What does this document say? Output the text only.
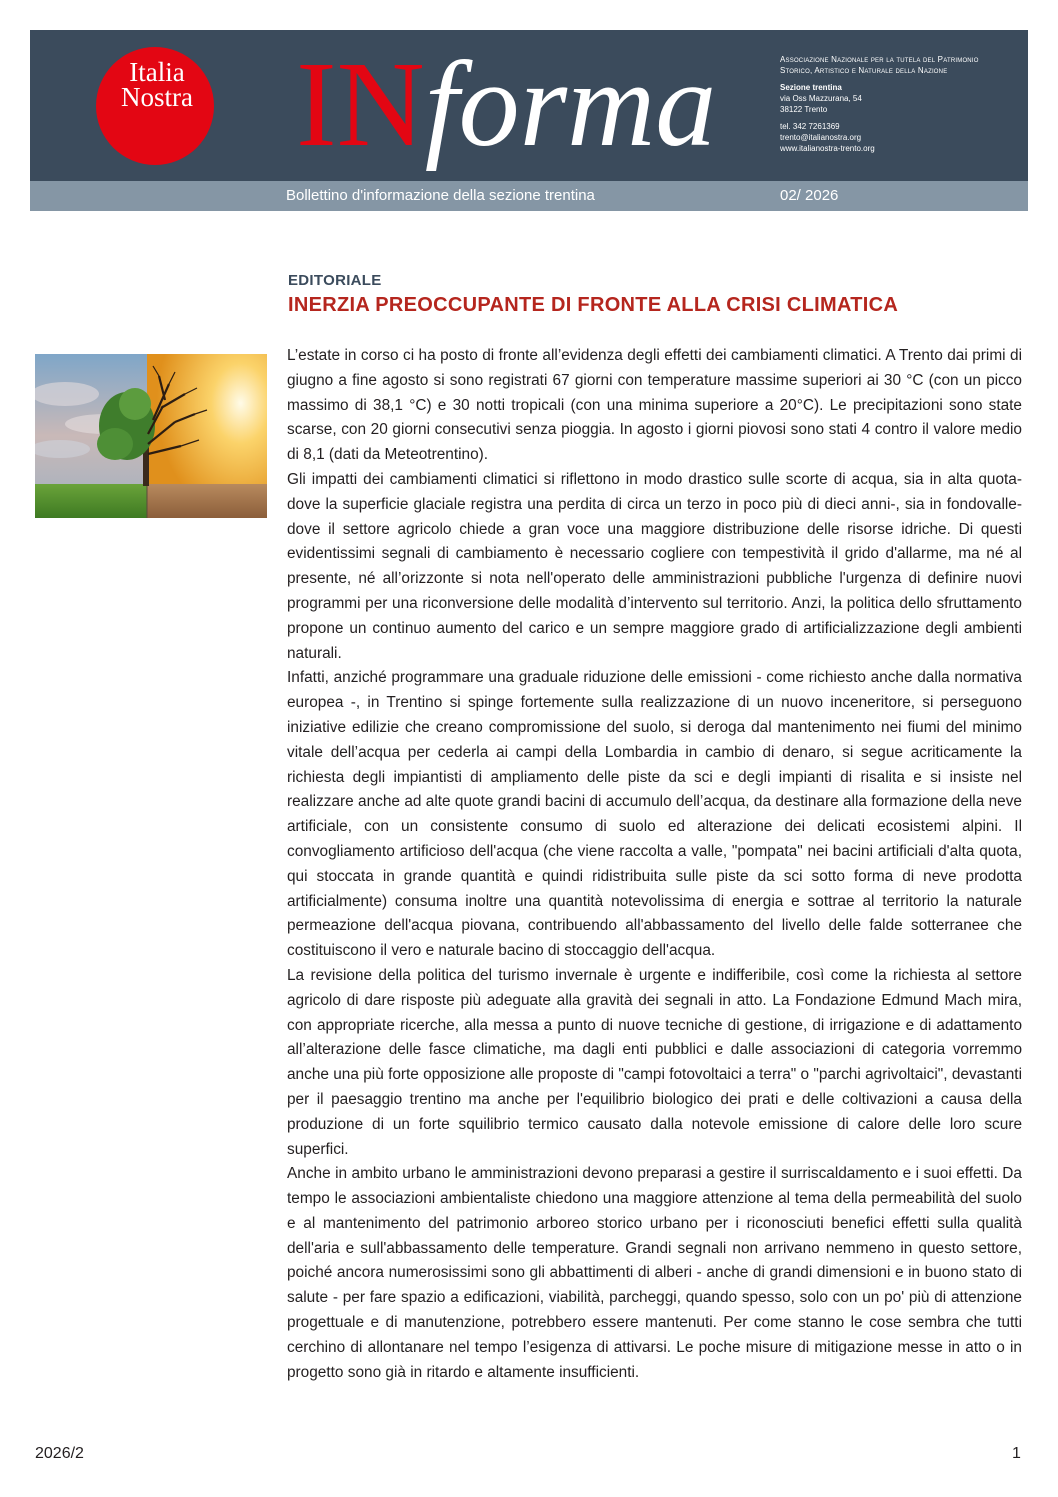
Italia
Nostra INforma	Associazione Nazionale per la tutela del Patrimonio
Storico, Artistico e Naturale della Nazione
Sezione trentina
via Oss Mazzurana, 54
38122 Trento
tel. 342 7261369
trento@italianostra.org
www.italianostra-trento.org
Bollettino d'informazione della sezione trentina	02/ 2026
EDITORIALE
INERZIA PREOCCUPANTE DI FRONTE ALLA CRISI CLIMATICA

L’estate in corso ci ha posto di fronte all’evidenza degli effetti dei cambiamenti climatici. A Trento dai primi di giugno a fine agosto si sono registrati 67 giorni con temperature massime superiori ai 30 °C (con un picco massimo di 38,1 °C) e 30 notti tropicali (con una minima superiore a 20°C). Le precipitazioni sono state scarse, con 20 giorni consecutivi senza pioggia. In agosto i giorni piovosi sono stati 4 contro il valore medio di 8,1 (dati da Meteotrentino).

Gli impatti dei cambiamenti climatici si riflettono in modo drastico sulle scorte di acqua, sia in alta quota- dove la superficie glaciale registra una perdita di circa un terzo in poco più di dieci anni-, sia in fondovalle- dove il settore agricolo chiede a gran voce una maggiore distribuzione delle risorse idriche. Di questi evidentissimi segnali di cambiamento è necessario cogliere con tempestività il grido d'allarme, ma né al presente, né all’orizzonte si nota nell'operato delle amministrazioni pubbliche l'urgenza di definire nuovi programmi per una riconversione delle modalità d’intervento sul territorio. Anzi, la politica dello sfruttamento propone un continuo aumento del carico e un sempre maggiore grado di artificializzazione degli ambienti naturali.

Infatti, anziché programmare una graduale riduzione delle emissioni - come richiesto anche dalla normativa europea -, in Trentino si spinge fortemente sulla realizzazione di un nuovo inceneritore, si perseguono iniziative edilizie che creano compromissione del suolo, si deroga dal mantenimento nei fiumi del minimo vitale dell’acqua per cederla ai campi della Lombardia in cambio di denaro, si segue acriticamente la richiesta degli impiantisti di ampliamento delle piste da sci e degli impianti di risalita e si insiste nel realizzare anche ad alte quote grandi bacini di accumulo dell’acqua, da destinare alla formazione della neve artificiale, con un consistente consumo di suolo ed alterazione dei delicati ecosistemi alpini. Il convogliamento artificioso dell'acqua (che viene raccolta a valle, "pompata" nei bacini artificiali d'alta quota, qui stoccata in grande quantità e quindi ridistribuita sulle piste da sci sotto forma di neve prodotta artificialmente) consuma inoltre una quantità notevolissima di energia e sottrae al territorio la naturale permeazione dell'acqua piovana, contribuendo all'abbassamento del livello delle falde sotterranee che costituiscono il vero e naturale bacino di stoccaggio dell'acqua.

La revisione della politica del turismo invernale è urgente e indifferibile, così come la richiesta al settore agricolo di dare risposte più adeguate alla gravità dei segnali in atto. La Fondazione Edmund Mach mira, con appropriate ricerche, alla messa a punto di nuove tecniche di gestione, di irrigazione e di adattamento all’alterazione delle fasce climatiche, ma dagli enti pubblici e dalle associazioni di categoria vorremmo anche una più forte opposizione alle proposte di "campi fotovoltaici a terra" o "parchi agrivoltaici", devastanti per il paesaggio trentino ma anche per l'equilibrio biologico dei prati e delle coltivazioni a causa della produzione di un forte squilibrio termico causato dalla notevole emissione di calore delle loro scure superfici.

Anche in ambito urbano le amministrazioni devono preparasi a gestire il surriscaldamento e i suoi effetti. Da tempo le associazioni ambientaliste chiedono una maggiore attenzione al tema della permeabilità del suolo e al mantenimento del patrimonio arboreo storico urbano per i riconosciuti benefici effetti sulla qualità dell'aria e sull'abbassamento delle temperature. Grandi segnali non arrivano nemmeno in questo settore, poiché ancora numerosissimi sono gli abbattimenti di alberi - anche di grandi dimensioni e in buono stato di salute - per fare spazio a edificazioni, viabilità, parcheggi, quando spesso, solo con un po' più di attenzione progettuale e di manutenzione, potrebbero essere mantenuti. Per come stanno le cose sembra che tutti cerchino di allontanare nel tempo l’esigenza di attivarsi. Le poche misure di mitigazione messe in atto o in progetto sono già in ritardo e altamente insufficienti.

2026/2	1
